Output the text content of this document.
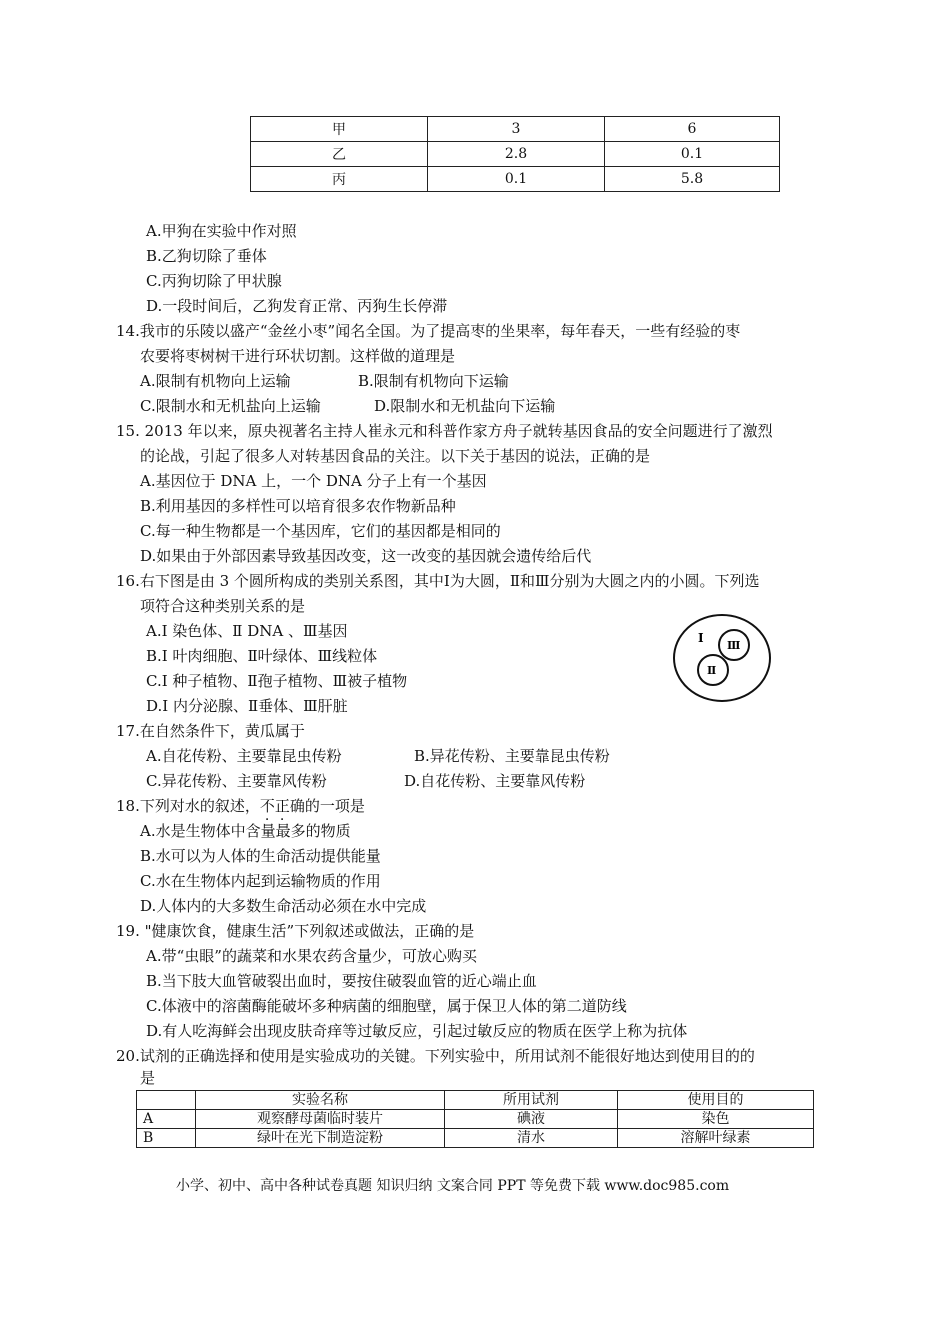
甲	3	6
乙	2.8	0.1
丙	0.1	5.8
A.甲狗在实验中作对照
B.乙狗切除了垂体
C.丙狗切除了甲状腺
D.一段时间后，乙狗发育正常、丙狗生长停滞
14.我市的乐陵以盛产“金丝小枣”闻名全国。为了提高枣的坐果率，每年春天，一些有经验的枣
农要将枣树树干进行环状切割。这样做的道理是
A.限制有机物向上运输	B.限制有机物向下运输
C.限制水和无机盐向上运输	D.限制水和无机盐向下运输
15. 2013 年以来，原央视著名主持人崔永元和科普作家方舟子就转基因食品的安全问题进行了激烈
的论战，引起了很多人对转基因食品的关注。以下关于基因的说法，正确的是
A.基因位于 DNA 上，一个 DNA 分子上有一个基因
B.利用基因的多样性可以培育很多农作物新品种
C.每一种生物都是一个基因库，它们的基因都是相同的
D.如果由于外部因素导致基因改变，这一改变的基因就会遗传给后代
16.右下图是由 3 个圆所构成的类别关系图，其中Ⅰ为大圆，Ⅱ和Ⅲ分别为大圆之内的小圆。下列选
项符合这种类别关系的是
A.Ⅰ 染色体、Ⅱ DNA 、Ⅲ基因
B.Ⅰ 叶肉细胞、Ⅱ叶绿体、Ⅲ线粒体
C.Ⅰ 种子植物、Ⅱ孢子植物、Ⅲ被子植物
D.Ⅰ 内分泌腺、Ⅱ垂体、Ⅲ肝脏
Ⅰ
Ⅲ
Ⅱ
17.在自然条件下，黄瓜属于
A.自花传粉、主要靠昆虫传粉	B.异花传粉、主要靠昆虫传粉
C.异花传粉、主要靠风传粉	D.自花传粉、主要靠风传粉
18.下列对水的叙述，不正确的一项是
A.水是生物体中含量最多的物质
B.水可以为人体的生命活动提供能量
C.水在生物体内起到运输物质的作用
D.人体内的大多数生命活动必须在水中完成
19. "健康饮食，健康生活”下列叙述或做法，正确的是
A.带“虫眼”的蔬菜和水果农药含量少，可放心购买
B.当下肢大血管破裂出血时，要按住破裂血管的近心端止血
C.体液中的溶菌酶能破坏多种病菌的细胞壁，属于保卫人体的第二道防线
D.有人吃海鲜会出现皮肤奇痒等过敏反应，引起过敏反应的物质在医学上称为抗体
20.试剂的正确选择和使用是实验成功的关键。下列实验中，所用试剂不能很好地达到使用目的的
是
	实验名称	所用试剂	使用目的
A	观察酵母菌临时装片	碘液	染色
B	绿叶在光下制造淀粉	清水	溶解叶绿素
小学、初中、高中各种试卷真题 知识归纳 文案合同 PPT 等免费下载 www.doc985.com
